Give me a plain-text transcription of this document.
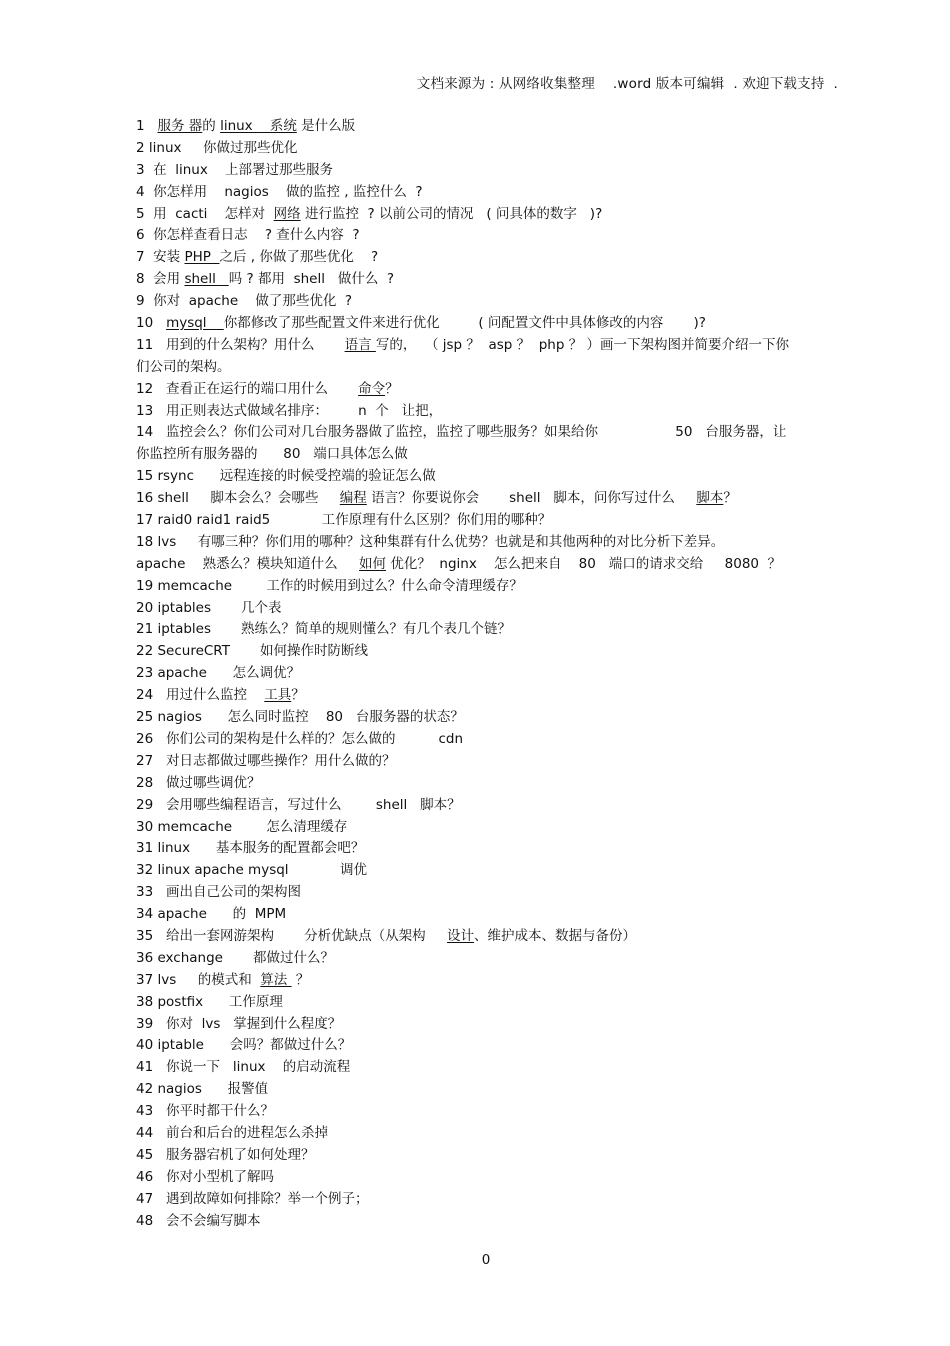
文档来源为 : 从网络收集整理    .word 版本可编辑  . 欢迎下载支持  .
1   服务 器的 linux    系统 是什么版
2 linux     你做过那些优化
3  在  linux    上部署过那些服务
4  你怎样用    nagios    做的监控 , 监控什么  ?
5  用  cacti    怎样对  网络 进行监控  ? 以前公司的情况   ( 问具体的数字   )?
6  你怎样查看日志    ? 查什么内容  ?
7  安装 PHP  之后 , 你做了那些优化    ?
8  会用 shell   吗 ? 都用  shell   做什么  ?
9  你对  apache    做了那些优化  ?
10   mysql    你都修改了那些配置文件来进行优化         ( 问配置文件中具体修改的内容       )?
11   用到的什么架构？用什么       语言 写的，  （ jsp ？  asp ？  php ？ ）画一下架构图并简要介绍一下你
们公司的架构。
12   查看正在运行的端口用什么       命令？
13   用正则表达式做域名排序：       n  个   让把，
14   监控会么？你们公司对几台服务器做了监控，监控了哪些服务？如果给你                  50   台服务器，让
你监控所有服务器的      80   端口具体怎么做
15 rsync      远程连接的时候受控端的验证怎么做
16 shell     脚本会么？会哪些     编程 语言？你要说你会       shell   脚本，问你写过什么     脚本？
17 raid0 raid1 raid5            工作原理有什么区别？你们用的哪种？
18 lvs     有哪三种？你们用的哪种？这种集群有什么优势？也就是和其他两种的对比分析下差异。
apache    熟悉么？模块知道什么     如何 优化？  nginx    怎么把来自    80   端口的请求交给     8080  ？
19 memcache        工作的时候用到过么？什么命令清理缓存？
20 iptables       几个表
21 iptables       熟练么？简单的规则懂么？有几个表几个链？
22 SecureCRT       如何操作时防断线
23 apache      怎么调优？
24   用过什么监控    工具？
25 nagios      怎么同时监控    80   台服务器的状态？
26   你们公司的架构是什么样的？怎么做的          cdn
27   对日志都做过哪些操作？用什么做的？
28   做过哪些调优？
29   会用哪些编程语言，写过什么        shell   脚本？
30 memcache        怎么清理缓存
31 linux      基本服务的配置都会吧？
32 linux apache mysql            调优
33   画出自己公司的架构图
34 apache      的  MPM
35   给出一套网游架构       分析优缺点（从架构     设计、维护成本、数据与备份）
36 exchange       都做过什么？
37 lvs     的模式和  算法  ？
38 postfix      工作原理
39   你对  lvs   掌握到什么程度？
40 iptable      会吗？都做过什么？
41   你说一下   linux    的启动流程
42 nagios      报警值
43   你平时都干什么？
44   前台和后台的进程怎么杀掉
45   服务器宕机了如何处理？
46   你对小型机了解吗
47   遇到故障如何排除？举一个例子；
48   会不会编写脚本
0
